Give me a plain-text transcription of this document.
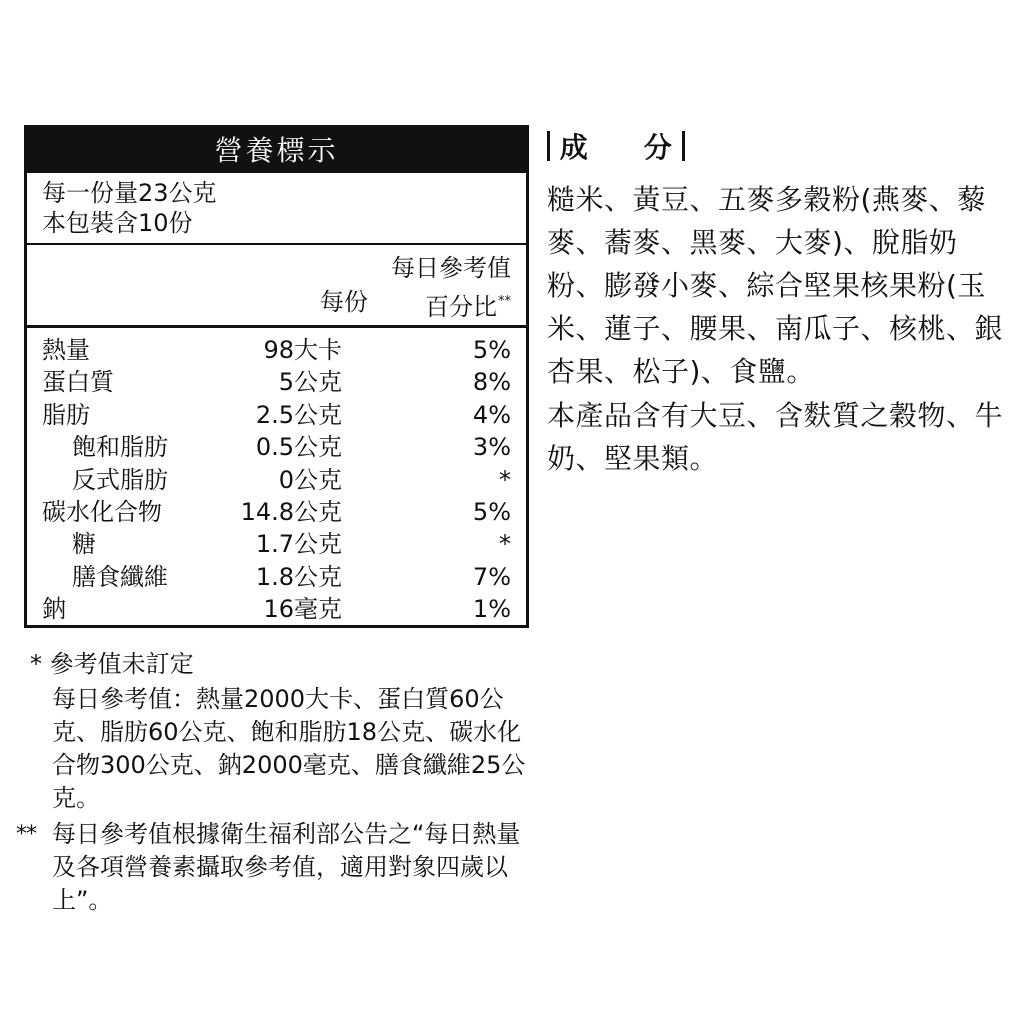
營養標示
每一份量23公克
本包裝含10份
每日參考值
每份 百分比**
熱量	98大卡	5%
蛋白質	5公克	8%
脂肪	2.5公克	4%
飽和脂肪	0.5公克	3%
反式脂肪	0公克	*
碳水化合物	14.8公克	5%
糖	1.7公克	*
膳食纖維	1.8公克	7%
鈉	16毫克	1%
* 參考值未訂定
每日參考值：熱量2000大卡、蛋白質60公克、脂肪60公克、飽和脂肪18公克、碳水化合物300公克、鈉2000毫克、膳食纖維25公克。
** 每日參考值根據衛生福利部公告之“每日熱量及各項營養素攝取參考值，適用對象四歲以上”。
成　　分
糙米、黃豆、五麥多穀粉(燕麥、藜麥、蕎麥、黑麥、大麥)、脫脂奶粉、膨發小麥、綜合堅果核果粉(玉米、蓮子、腰果、南瓜子、核桃、銀杏果、松子)、食鹽。
本產品含有大豆、含麩質之穀物、牛奶、堅果類。
